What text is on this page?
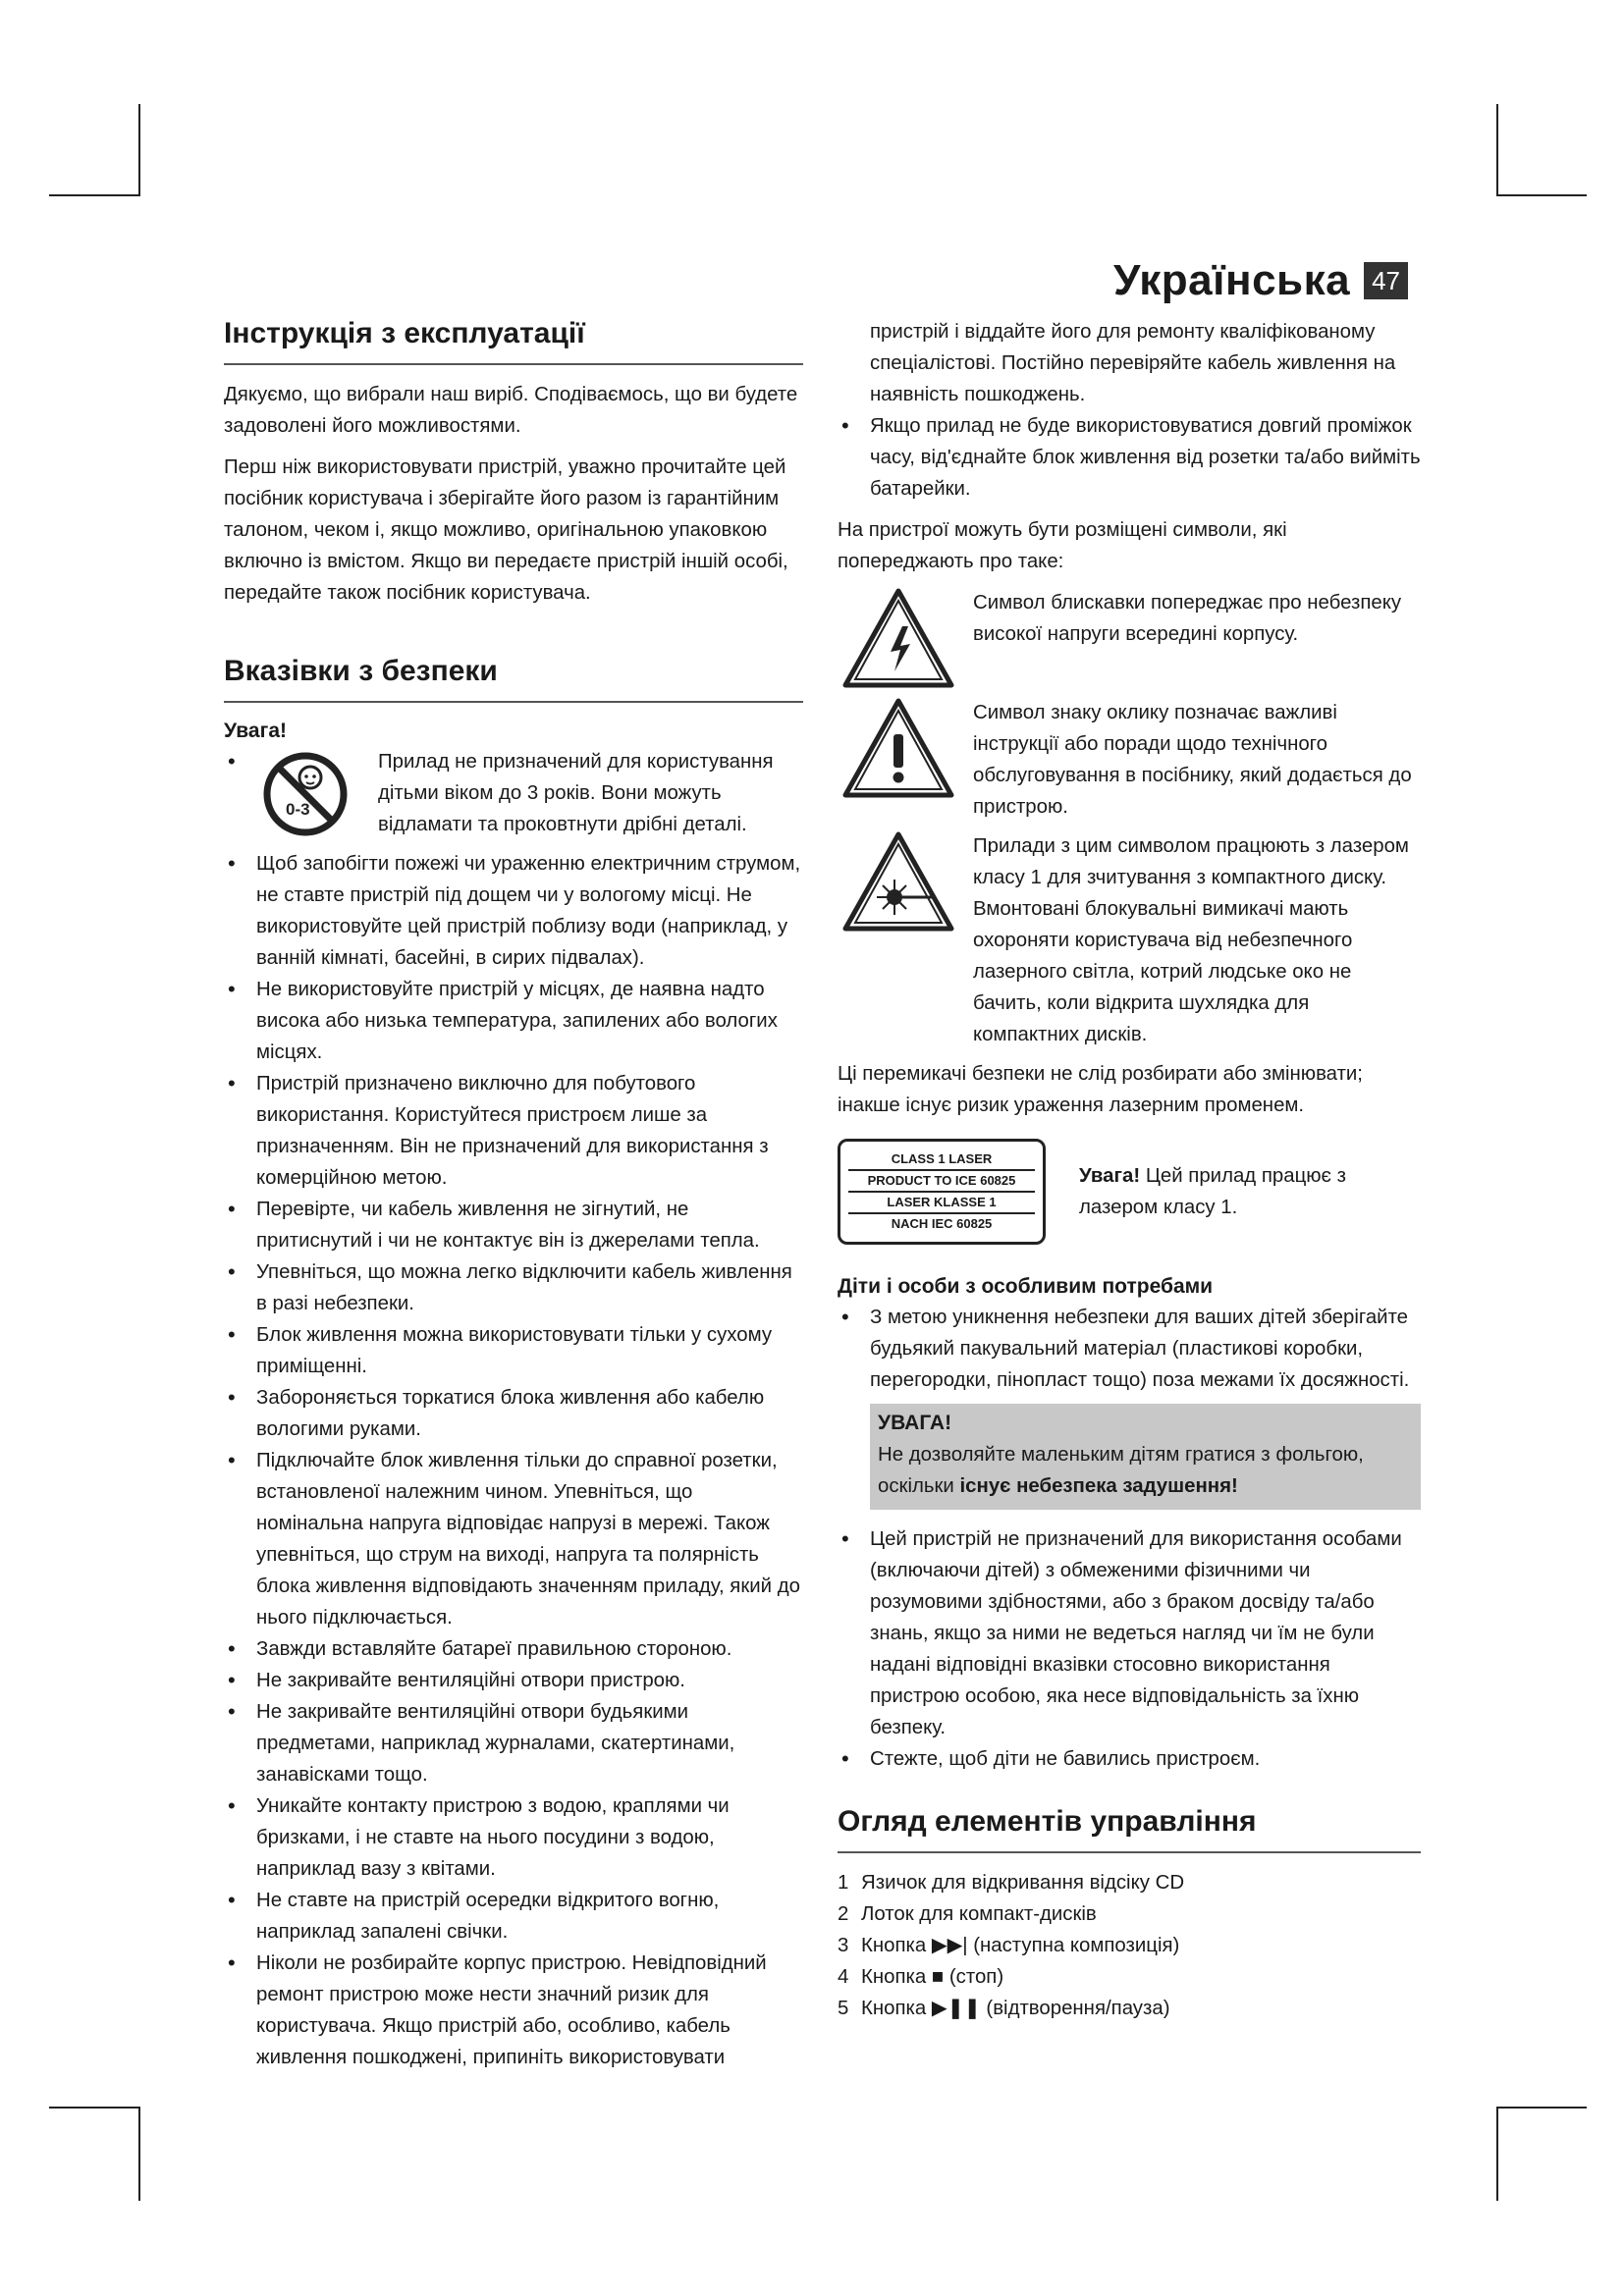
Українська 47
Інструкція з експлуатації

Дякуємо, що вибрали наш виріб. Сподіваємось, що ви будете задоволені його можливостями.

Перш ніж використовувати пристрій, уважно прочитайте цей посібник користувача і зберігайте його разом із гарантійним талоном, чеком і, якщо можливо, оригінальною упаковкою включно із вмістом. Якщо ви передаєте пристрій іншій особі, передайте також посібник користувача.

Вказівки з безпеки
Увага!
• 0-3
Прилад не призначений для користування дітьми віком до 3 років. Вони можуть відламати та проковтнути дрібні деталі.
• Щоб запобігти пожежі чи ураженню електричним струмом, не ставте пристрій під дощем чи у вологому місці. Не використовуйте цей пристрій поблизу води (наприклад, у ванній кімнаті, басейні, в сирих підвалах).
• Не використовуйте пристрій у місцях, де наявна надто висока або низька температура, запилених або вологих місцях.
• Пристрій призначено виключно для побутового використання. Користуйтеся пристроєм лише за призначенням. Він не призначений для використання з комерційною метою.
• Перевірте, чи кабель живлення не зігнутий, не притиснутий і чи не контактує він із джерелами тепла.
• Упевніться, що можна легко відключити кабель живлення в разі небезпеки.
• Блок живлення можна використовувати тільки у сухому приміщенні.
• Забороняється торкатися блока живлення або кабелю вологими руками.
• Підключайте блок живлення тільки до справної розетки, встановленої належним чином. Упевніться, що номінальна напруга відповідає напрузі в мережі. Також упевніться, що струм на виході, напруга та полярність блока живлення відповідають значенням приладу, який до нього підключається.
• Завжди вставляйте батареї правильною стороною.
• Не закривайте вентиляційні отвори пристрою.
• Не закривайте вентиляційні отвори будьякими предметами, наприклад журналами, скатертинами, занавісками тощо.
• Уникайте контакту пристрою з водою, краплями чи бризками, і не ставте на нього посудини з водою, наприклад вазу з квітами.
• Не ставте на пристрій осередки відкритого вогню, наприклад запалені свічки.
• Ніколи не розбирайте корпус пристрою. Невідповідний ремонт пристрою може нести значний ризик для користувача. Якщо пристрій або, особливо, кабель живлення пошкоджені, припиніть використовувати

пристрій і віддайте його для ремонту кваліфікованому спеціалістові. Постійно перевіряйте кабель живлення на наявність пошкоджень.

• Якщо прилад не буде використовуватися довгий проміжок часу, від'єднайте блок живлення від розетки та/або вийміть батарейки.

На пристрої можуть бути розміщені символи, які попереджають про таке:

Символ блискавки попереджає про небезпеку високої напруги всередині корпусу.
Символ знаку оклику позначає важливі інструкції або поради щодо технічного обслуговування в посібнику, який додається до пристрою.
Прилади з цим символом працюють з лазером класу 1 для зчитування з компактного диску. Вмонтовані блокувальні вимикачі мають охороняти користувача від небезпечного лазерного світла, котрий людське око не бачить, коли відкрита шухлядка для компактних дисків.

Ці перемикачі безпеки не слід розбирати або змінювати; інакше існує ризик ураження лазерним променем.

CLASS 1 LASER
PRODUCT TO ICE 60825
LASER KLASSE 1
NACH IEC 60825
Увага! Цей прилад працює з лазером класу 1.
Діти і особи з особливим потребами
• З метою уникнення небезпеки для ваших дітей зберігайте будьякий пакувальний матеріал (пластикові коробки, перегородки, пінопласт тощо) поза межами їх досяжності.
УВАГА!
Не дозволяйте маленьким дітям гратися з фольгою, оскільки існує небезпека задушення!
• Цей пристрій не призначений для використання особами (включаючи дітей) з обмеженими фізичними чи розумовими здібностями, або з браком досвіду та/або знань, якщо за ними не ведеться нагляд чи їм не були надані відповідні вказівки стосовно використання пристрою особою, яка несе відповідальність за їхню безпеку.
• Стежте, щоб діти не бавились пристроєм.
Огляд елементів управління
1 Язичок для відкривання відсіку CD
2 Лоток для компакт-дисків
3 Кнопка ▶▶| (наступна композиція)
4 Кнопка ■ (стоп)
5 Кнопка ▶❚❚ (відтворення/пауза)
